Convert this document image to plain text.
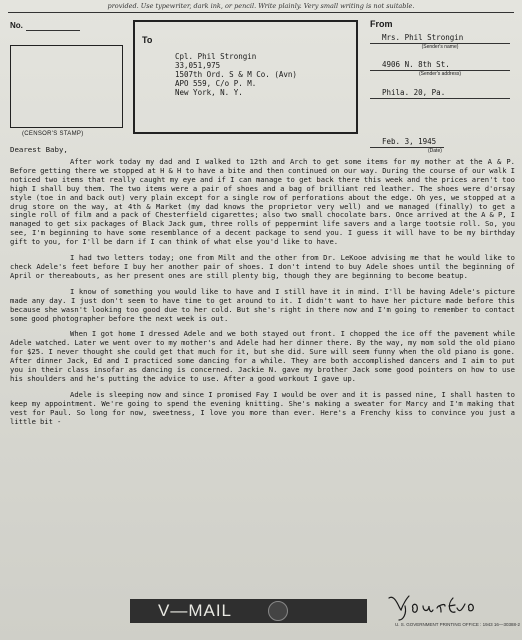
provided. Use typewriter, dark ink, or pencil. Write plainly. Very small writing is not suitable.
No.
(CENSOR'S STAMP)
To
Cpl. Phil Strongin
33,051,975
1507th Ord. S & M Co. (Avn)
APO 559, C/o P. M.
New York, N. Y.
From
Mrs. Phil Strongin
(Sender's name)
4906 N. 8th St.
(Sender's address)
Phila. 20, Pa.
Feb. 3, 1945
(Date)
Dearest Baby,

After work today my dad and I walked to 12th and Arch to get some items for my mother at the A & P. Before getting there we stopped at H & H to have a bite and then continued on our way. During the course of our walk I noticed two items that really caught my eye and if I can manage to get back there this week and the prices aren't too high I shall buy them. The two items were a pair of shoes and a bag of brilliant red leather. The shoes were d'orsay style (toe in and back out) very plain except for a single row of perforations about the edge. Oh yes, we stopped at a drug store on the way, at 4th & Market (my dad knows the proprietor very well) and we managed (finally) to get a single roll of film and a pack of Chesterfield cigarettes; also two small chocolate bars. Once arrived at the A & P, I managed to get six packages of Black Jack gum, three rolls of peppermint life savers and a large tootsie roll. So, you see, I'm beginning to have some resemblance of a decent package to send you. I guess it will have to be my birthday gift to you, for I'll be darn if I can think of what else you'd like to have.

I had two letters today; one from Milt and the other from Dr. LeKooe advising me that he would like to check Adele's feet before I buy her another pair of shoes. I don't intend to buy Adele shoes until the beginning of April or thereabouts, as her present ones are still plenty big, though they are beginning to become beatup.

I know of something you would like to have and I still have it in mind. I'll be having Adele's picture made any day. I just don't seem to have time to get around to it. I didn't want to have her picture made before this because she wasn't looking too good due to her cold. But she's right in there now and I'm going to remember to contact some good photographer before the next week is out.

When I got home I dressed Adele and we both stayed out front. I chopped the ice off the pavement while Adele watched. Later we went over to my mother's and Adele had her dinner there. By the way, my mom sold the old piano for $25. I never thought she could get that much for it, but she did. Sure will seem funny when the old piano is gone. After dinner Jack, Ed and I practiced some dancing for a while. They are both accomplished dancers and I aim to put you in their class insofar as dancing is concerned. Jackie N. gave my brother Jack some good pointers on how to use his shoulders and he's putting the advice to use. After a good workout I gave up.

Adele is sleeping now and since I promised Fay I would be over and it is passed nine, I shall hasten to keep my appointment. We're going to spend the evening knitting. She's making a sweater for Marcy and I'm making that vest for Paul. So long for now, sweetness, I love you more than ever. Here's a Frenchy kiss to convince you just a little bit -

V—MAIL
U. S. GOVERNMENT PRINTING OFFICE : 1943 16—30388-2
